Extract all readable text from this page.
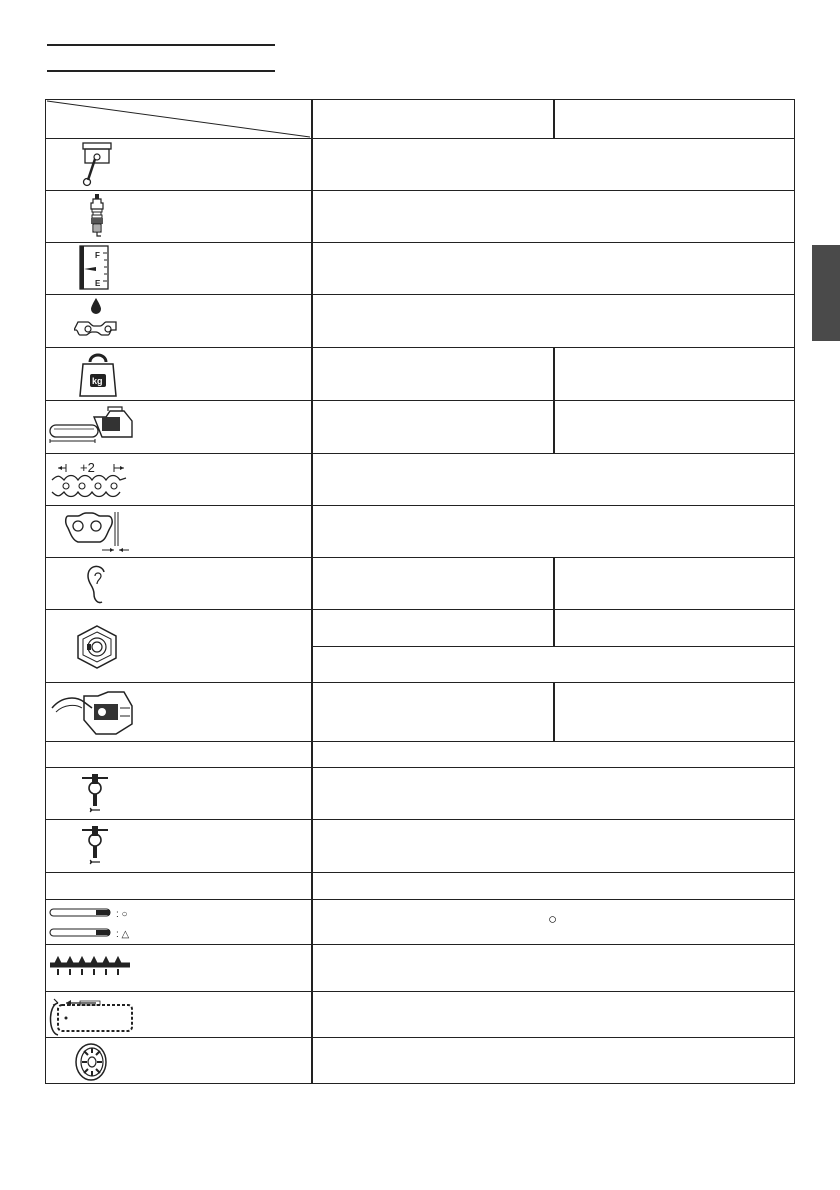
○
F
E
kg
+2
: ○
: △
